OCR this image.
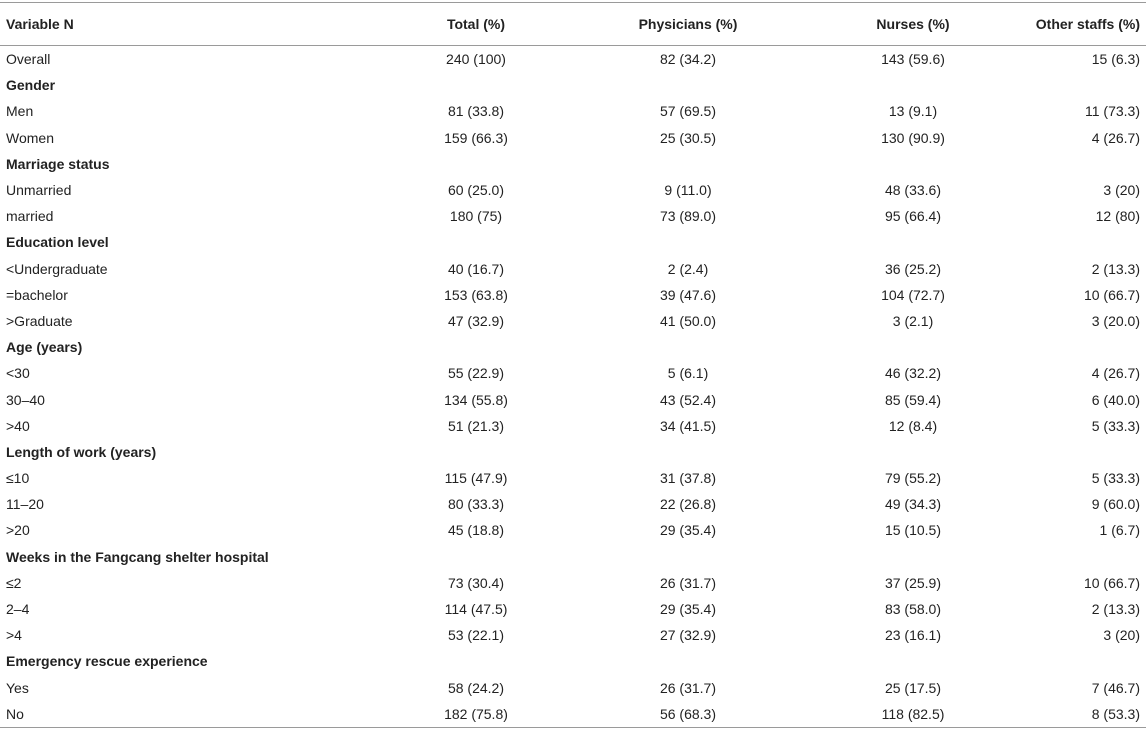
Variable N	Total (%)	Physicians (%)	Nurses (%)	Other staffs (%)
Overall	240 (100)	82 (34.2)	143 (59.6)	15 (6.3)
Gender				
Men	81 (33.8)	57 (69.5)	13 (9.1)	11 (73.3)
Women	159 (66.3)	25 (30.5)	130 (90.9)	4 (26.7)
Marriage status				
Unmarried	60 (25.0)	9 (11.0)	48 (33.6)	3 (20)
married	180 (75)	73 (89.0)	95 (66.4)	12 (80)
Education level				
<Undergraduate	40 (16.7)	2 (2.4)	36 (25.2)	2 (13.3)
=bachelor	153 (63.8)	39 (47.6)	104 (72.7)	10 (66.7)
>Graduate	47 (32.9)	41 (50.0)	3 (2.1)	3 (20.0)
Age (years)				
<30	55 (22.9)	5 (6.1)	46 (32.2)	4 (26.7)
30–40	134 (55.8)	43 (52.4)	85 (59.4)	6 (40.0)
>40	51 (21.3)	34 (41.5)	12 (8.4)	5 (33.3)
Length of work (years)				
≤10	115 (47.9)	31 (37.8)	79 (55.2)	5 (33.3)
11–20	80 (33.3)	22 (26.8)	49 (34.3)	9 (60.0)
>20	45 (18.8)	29 (35.4)	15 (10.5)	1 (6.7)
Weeks in the Fangcang shelter hospital				
≤2	73 (30.4)	26 (31.7)	37 (25.9)	10 (66.7)
2–4	114 (47.5)	29 (35.4)	83 (58.0)	2 (13.3)
>4	53 (22.1)	27 (32.9)	23 (16.1)	3 (20)
Emergency rescue experience				
Yes	58 (24.2)	26 (31.7)	25 (17.5)	7 (46.7)
No	182 (75.8)	56 (68.3)	118 (82.5)	8 (53.3)
